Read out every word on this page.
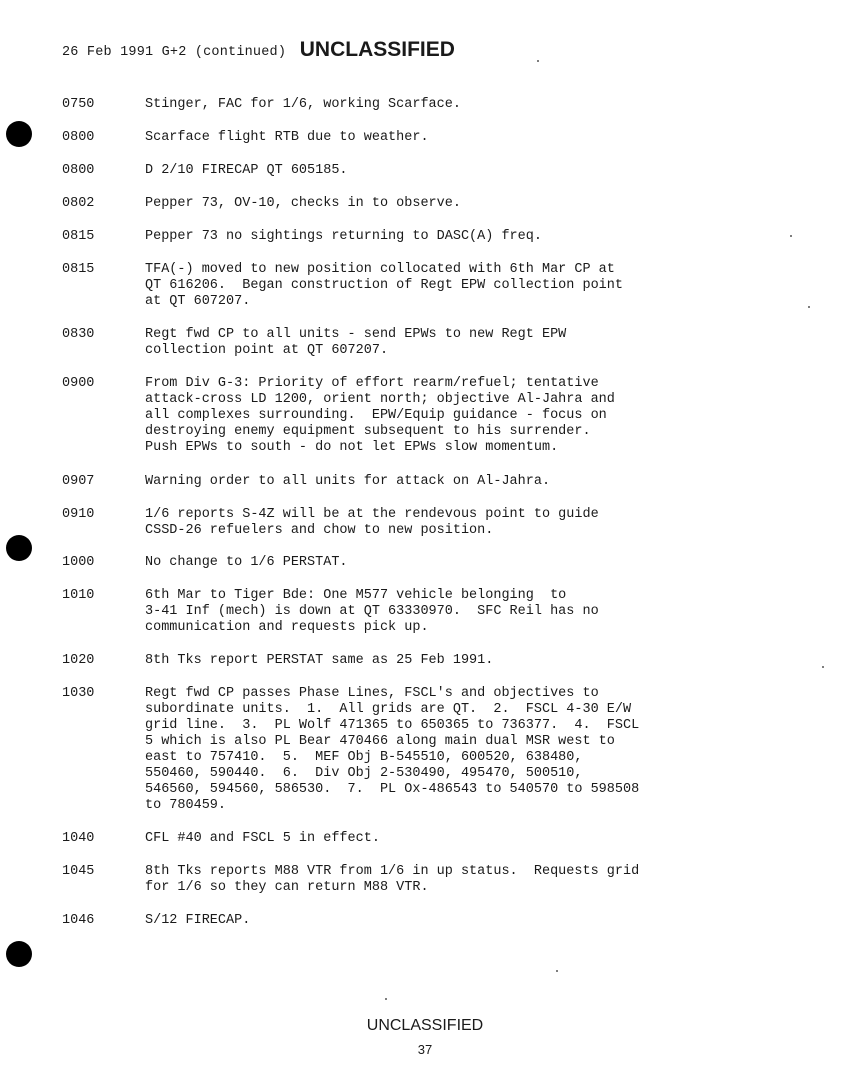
26 Feb 1991 G+2 (continued) UNCLASSIFIED
0750	Stinger, FAC for 1/6, working Scarface.
0800	Scarface flight RTB due to weather.
0800	D 2/10 FIRECAP QT 605185.
0802	Pepper 73, OV-10, checks in to observe.
0815	Pepper 73 no sightings returning to DASC(A) freq.
0815	TFA(-) moved to new position collocated with 6th Mar CP at
QT 616206.  Began construction of Regt EPW collection point
at QT 607207.
0830	Regt fwd CP to all units - send EPWs to new Regt EPW
collection point at QT 607207.
0900	From Div G-3: Priority of effort rearm/refuel; tentative
attack-cross LD 1200, orient north; objective Al-Jahra and
all complexes surrounding.  EPW/Equip guidance - focus on
destroying enemy equipment subsequent to his surrender.
Push EPWs to south - do not let EPWs slow momentum.
0907	Warning order to all units for attack on Al-Jahra.
0910	1/6 reports S-4Z will be at the rendevous point to guide
CSSD-26 refuelers and chow to new position.
1000	No change to 1/6 PERSTAT.
1010	6th Mar to Tiger Bde: One M577 vehicle belonging  to
3-41 Inf (mech) is down at QT 63330970.  SFC Reil has no
communication and requests pick up.
1020	8th Tks report PERSTAT same as 25 Feb 1991.
1030	Regt fwd CP passes Phase Lines, FSCL's and objectives to
subordinate units.  1.  All grids are QT.  2.  FSCL 4-30 E/W
grid line.  3.  PL Wolf 471365 to 650365 to 736377.  4.  FSCL
5 which is also PL Bear 470466 along main dual MSR west to
east to 757410.  5.  MEF Obj B-545510, 600520, 638480,
550460, 590440.  6.  Div Obj 2-530490, 495470, 500510,
546560, 594560, 586530.  7.  PL Ox-486543 to 540570 to 598508
to 780459.
1040	CFL #40 and FSCL 5 in effect.
1045	8th Tks reports M88 VTR from 1/6 in up status.  Requests grid
for 1/6 so they can return M88 VTR.
1046	S/12 FIRECAP.
UNCLASSIFIED
37
